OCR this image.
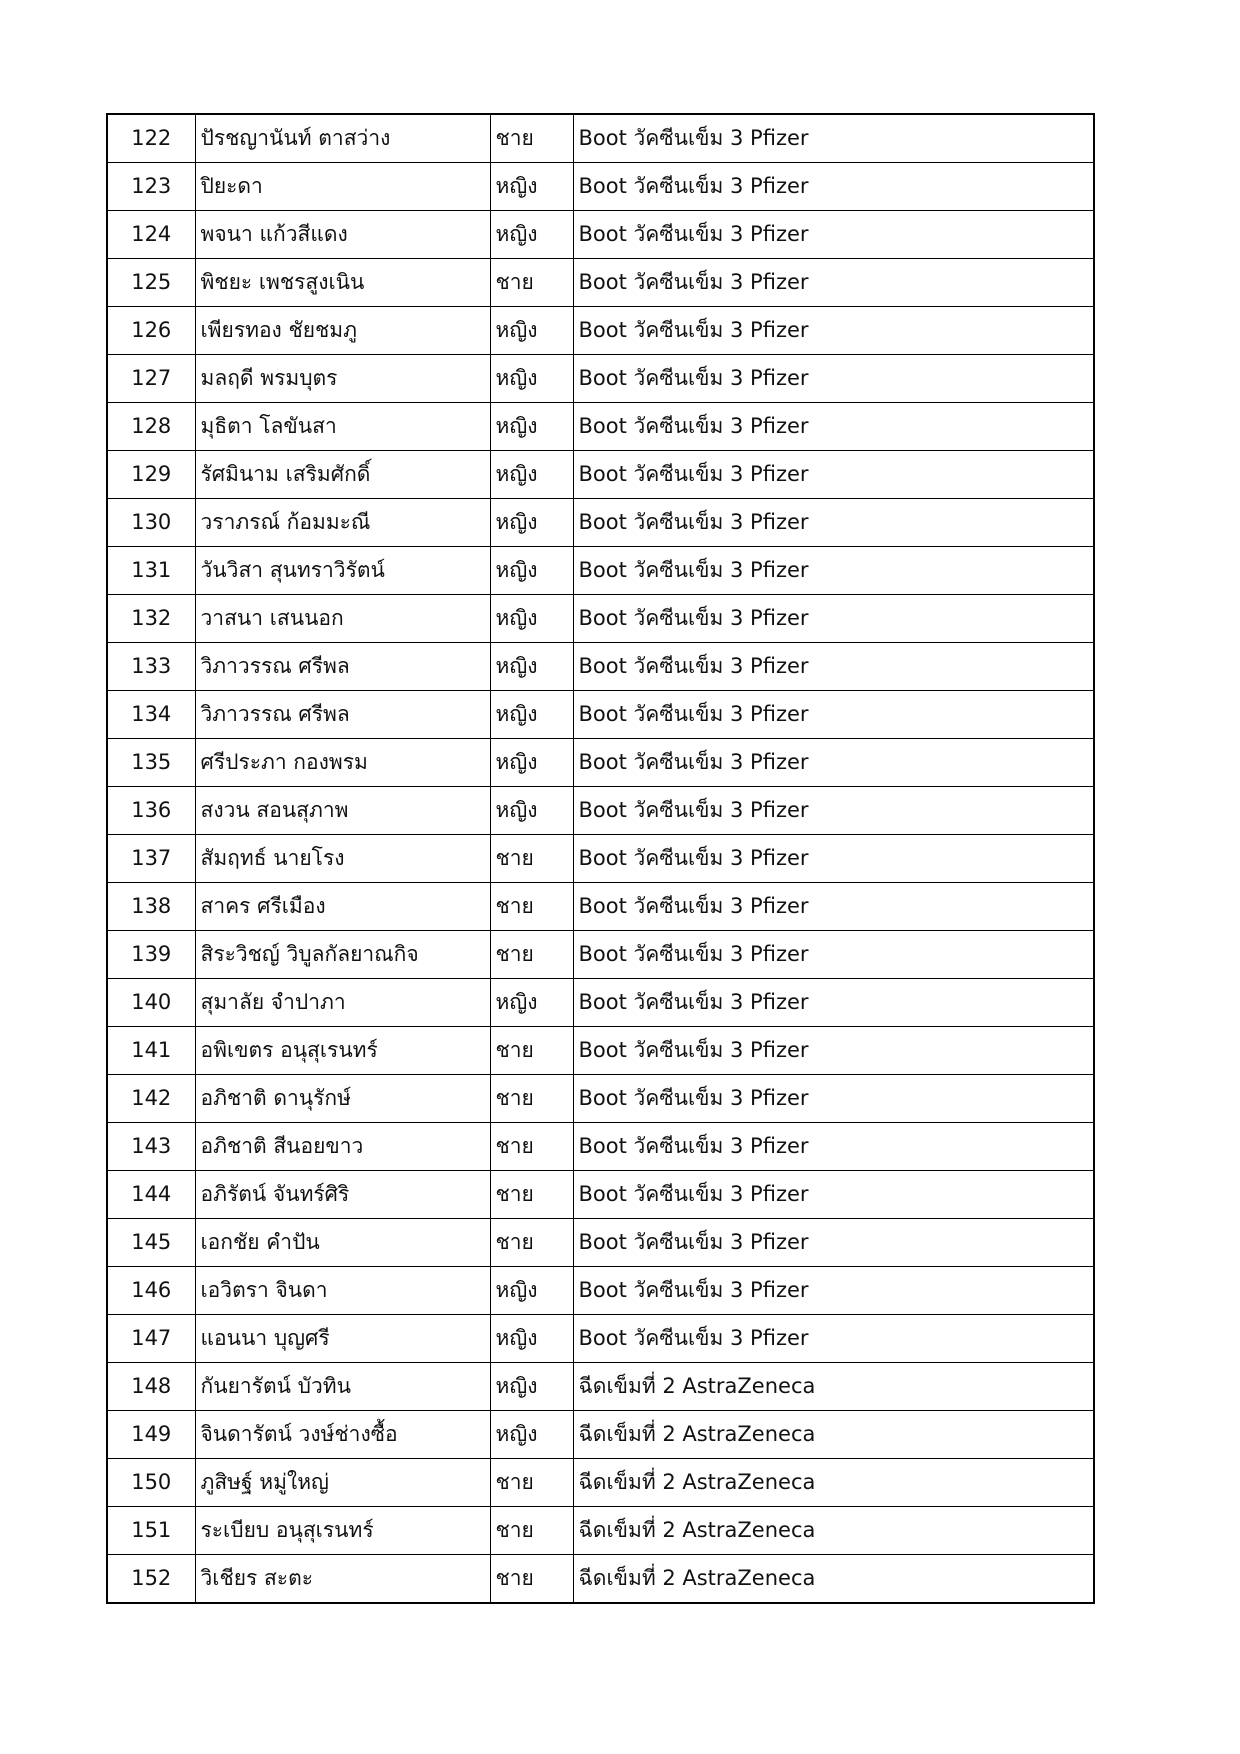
122	ปัรชญานันท์ ตาสว่าง	ชาย	Boot วัคซีนเข็ม 3 Pfizer
123	ปิยะดา	หญิง	Boot วัคซีนเข็ม 3 Pfizer
124	พจนา แก้วสีแดง	หญิง	Boot วัคซีนเข็ม 3 Pfizer
125	พิชยะ เพชรสูงเนิน	ชาย	Boot วัคซีนเข็ม 3 Pfizer
126	เพียรทอง ชัยชมภู	หญิง	Boot วัคซีนเข็ม 3 Pfizer
127	มลฤดี พรมบุตร	หญิง	Boot วัคซีนเข็ม 3 Pfizer
128	มุธิตา โลขันสา	หญิง	Boot วัคซีนเข็ม 3 Pfizer
129	รัศมินาม เสริมศักดิ์	หญิง	Boot วัคซีนเข็ม 3 Pfizer
130	วราภรณ์ ก้อมมะณี	หญิง	Boot วัคซีนเข็ม 3 Pfizer
131	วันวิสา สุนทราวิรัตน์	หญิง	Boot วัคซีนเข็ม 3 Pfizer
132	วาสนา เสนนอก	หญิง	Boot วัคซีนเข็ม 3 Pfizer
133	วิภาวรรณ ศรีพล	หญิง	Boot วัคซีนเข็ม 3 Pfizer
134	วิภาวรรณ ศรีพล	หญิง	Boot วัคซีนเข็ม 3 Pfizer
135	ศรีประภา กองพรม	หญิง	Boot วัคซีนเข็ม 3 Pfizer
136	สงวน สอนสุภาพ	หญิง	Boot วัคซีนเข็ม 3 Pfizer
137	สัมฤทธ์ นายโรง	ชาย	Boot วัคซีนเข็ม 3 Pfizer
138	สาคร ศรีเมือง	ชาย	Boot วัคซีนเข็ม 3 Pfizer
139	สิระวิชญ์ วิบูลกัลยาณกิจ	ชาย	Boot วัคซีนเข็ม 3 Pfizer
140	สุมาลัย จำปาภา	หญิง	Boot วัคซีนเข็ม 3 Pfizer
141	อพิเขตร อนุสุเรนทร์	ชาย	Boot วัคซีนเข็ม 3 Pfizer
142	อภิชาติ ดานุรักษ์	ชาย	Boot วัคซีนเข็ม 3 Pfizer
143	อภิชาติ สีนอยขาว	ชาย	Boot วัคซีนเข็ม 3 Pfizer
144	อภิรัตน์ จันทร์ศิริ	ชาย	Boot วัคซีนเข็ม 3 Pfizer
145	เอกชัย คำปัน	ชาย	Boot วัคซีนเข็ม 3 Pfizer
146	เอวิตรา จินดา	หญิง	Boot วัคซีนเข็ม 3 Pfizer
147	แอนนา บุญศรี	หญิง	Boot วัคซีนเข็ม 3 Pfizer
148	กันยารัตน์ บัวทิน	หญิง	ฉีดเข็มที่ 2 AstraZeneca
149	จินดารัตน์ วงษ์ช่างซื้อ	หญิง	ฉีดเข็มที่ 2 AstraZeneca
150	ภูสิษฐ์ หมู่ใหญ่	ชาย	ฉีดเข็มที่ 2 AstraZeneca
151	ระเบียบ อนุสุเรนทร์	ชาย	ฉีดเข็มที่ 2 AstraZeneca
152	วิเชียร สะตะ	ชาย	ฉีดเข็มที่ 2 AstraZeneca
